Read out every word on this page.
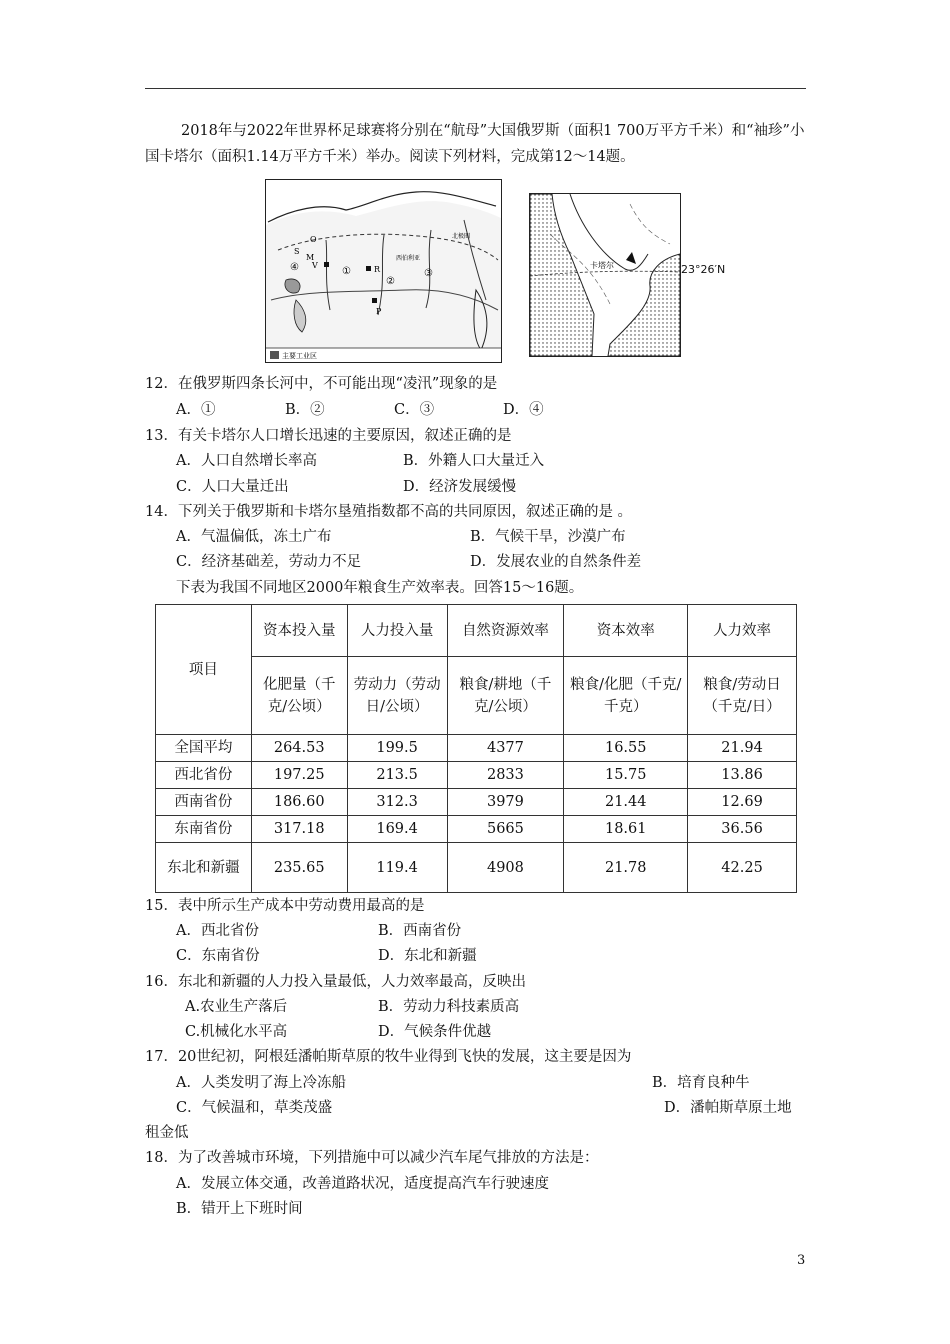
2018年与2022年世界杯足球赛将分别在“航母”大国俄罗斯（面积1 700万平方千米）和“袖珍”小国卡塔尔（面积1.14万平方千米）举办。阅读下列材料，完成第12～14题。
O
S
M
V
④	①	R
②
③
P
西伯利亚
北极圈
主要工业区
卡塔尔	23°26′N
12．在俄罗斯四条长河中，不可能出现“凌汛”现象的是
A．①	B．②	C．③	D．④
13．有关卡塔尔人口增长迅速的主要原因，叙述正确的是
A．人口自然增长率高	B．外籍人口大量迁入
C．人口大量迁出	D．经济发展缓慢
14．下列关于俄罗斯和卡塔尔垦殖指数都不高的共同原因，叙述正确的是 。
A．气温偏低，冻土广布	B．气候干旱，沙漠广布
C．经济基础差，劳动力不足	D．发展农业的自然条件差
下表为我国不同地区2000年粮食生产效率表。回答15～16题。
项目	资本投入量	人力投入量	自然资源效率	资本效率	人力效率
	化肥量（千克/公顷）	劳动力（劳动日/公顷）	粮食/耕地（千克/公顷）	粮食/化肥（千克/千克）	粮食/劳动日（千克/日）
全国平均	264.53	199.5	4377	16.55	21.94
西北省份	197.25	213.5	2833	15.75	13.86
西南省份	186.60	312.3	3979	21.44	12.69
东南省份	317.18	169.4	5665	18.61	36.56
东北和新疆	235.65	119.4	4908	21.78	42.25
15．表中所示生产成本中劳动费用最高的是
A．西北省份	B．西南省份
C．东南省份	D．东北和新疆
16．东北和新疆的人力投入量最低，人力效率最高，反映出
A.农业生产落后	B．劳动力科技素质高
C.机械化水平高	D．气候条件优越
17．20世纪初，阿根廷潘帕斯草原的牧牛业得到飞快的发展，这主要是因为
A．人类发明了海上冷冻船	B．培育良种牛
C．气候温和，草类茂盛	D．潘帕斯草原土地
租金低
18．为了改善城市环境，下列措施中可以减少汽车尾气排放的方法是：
A．发展立体交通，改善道路状况，适度提高汽车行驶速度
B．错开上下班时间
3
